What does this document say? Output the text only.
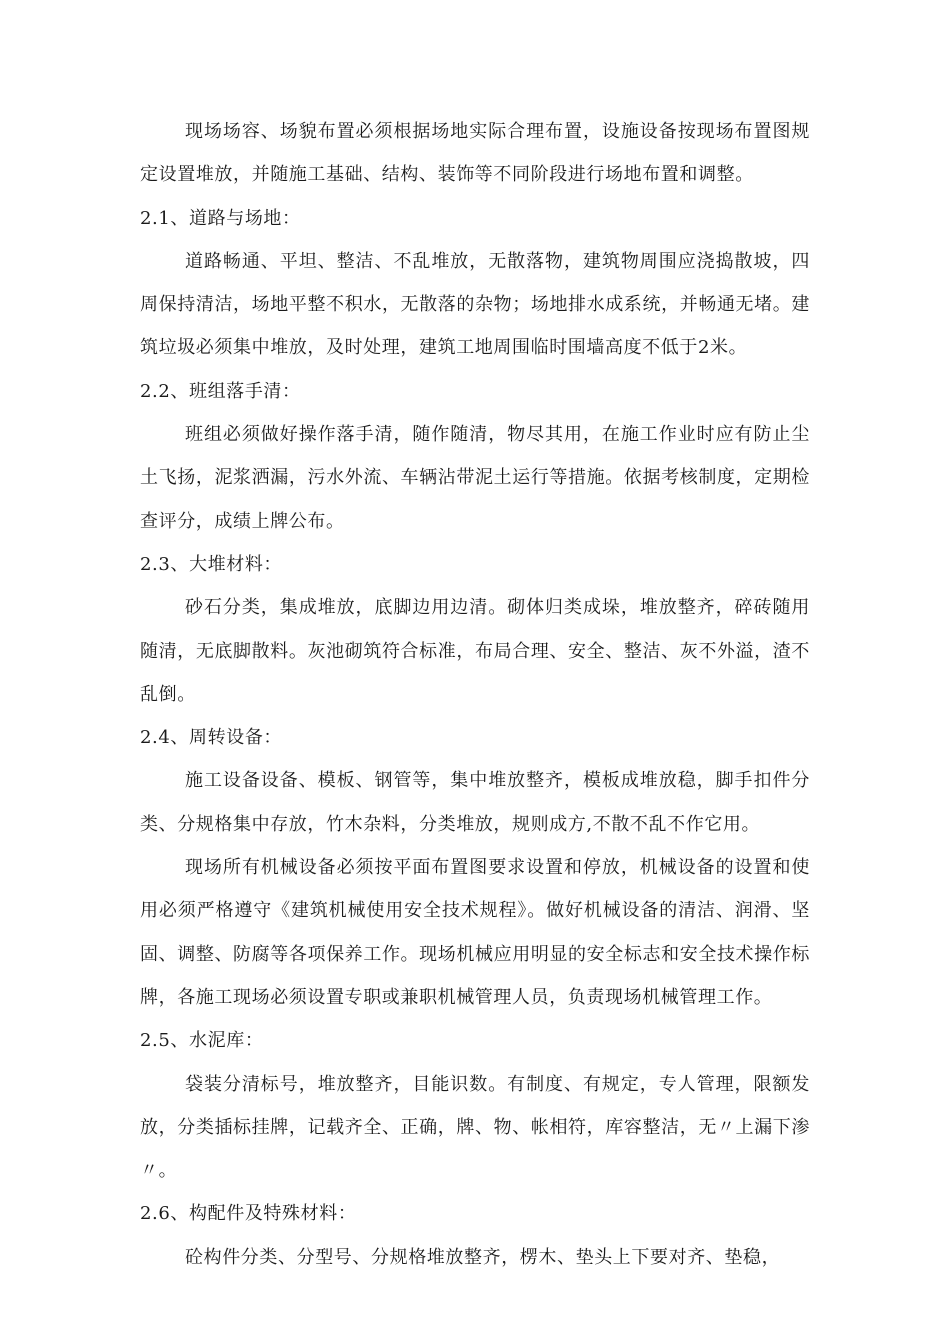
现场场容、场貌布置必须根据场地实际合理布置，设施设备按现场布置图规定设置堆放，并随施工基础、结构、装饰等不同阶段进行场地布置和调整。

2.1、道路与场地：

道路畅通、平坦、整洁、不乱堆放，无散落物，建筑物周围应浇捣散坡，四周保持清洁，场地平整不积水，无散落的杂物；场地排水成系统，并畅通无堵。建筑垃圾必须集中堆放，及时处理，建筑工地周围临时围墙高度不低于2米。

2.2、班组落手清：

班组必须做好操作落手清，随作随清，物尽其用，在施工作业时应有防止尘土飞扬，泥浆洒漏，污水外流、车辆沾带泥土运行等措施。依据考核制度，定期检查评分，成绩上牌公布。

2.3、大堆材料：

砂石分类，集成堆放，底脚边用边清。砌体归类成垛，堆放整齐，碎砖随用随清，无底脚散料。灰池砌筑符合标准，布局合理、安全、整洁、灰不外溢，渣不乱倒。

2.4、周转设备：

施工设备设备、模板、钢管等，集中堆放整齐，模板成堆放稳，脚手扣件分类、分规格集中存放，竹木杂料，分类堆放，规则成方,不散不乱不作它用。

现场所有机械设备必须按平面布置图要求设置和停放，机械设备的设置和使用必须严格遵守《建筑机械使用安全技术规程》。做好机械设备的清洁、润滑、坚固、调整、防腐等各项保养工作。现场机械应用明显的安全标志和安全技术操作标牌，各施工现场必须设置专职或兼职机械管理人员，负责现场机械管理工作。

2.5、水泥库：

袋装分清标号，堆放整齐，目能识数。有制度、有规定，专人管理，限额发放，分类插标挂牌，记载齐全、正确，牌、物、帐相符，库容整洁，无〃上漏下渗〃。

2.6、构配件及特殊材料：

砼构件分类、分型号、分规格堆放整齐，楞木、垫头上下要对齐、垫稳，
